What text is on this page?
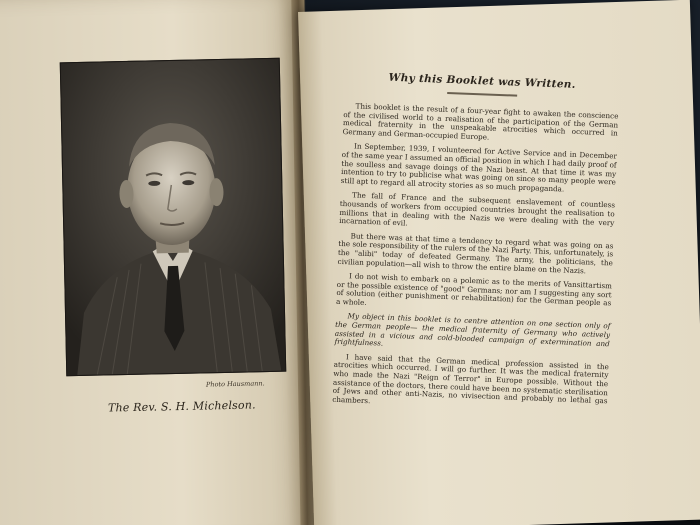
Photo Hausmann.
The Rev. S. H. Michelson.
Why this Booklet was Written.

This booklet is the result of a four-year fight to awaken the conscience of the civilised world to a realisation of the participation of the German medical fraternity in the unspeakable atrocities which occurred in Germany and German-occupied Europe.

In September, 1939, I volunteered for Active Service and in December of the same year I assumed an official position in which I had daily proof of the soulless and savage doings of the Nazi beast. At that time it was my intention to try to publicise what was going on since so many people were still apt to regard all atrocity stories as so much propaganda.

The fall of France and the subsequent enslavement of countless thousands of workers from occupied countries brought the realisation to millions that in dealing with the Nazis we were dealing with the very incarnation of evil.

But there was at that time a tendency to regard what was going on as the sole responsibility of the rulers of the Nazi Party. This, unfortunately, is the "alibi" today of defeated Germany. The army, the politicians, the civilian population—all wish to throw the entire blame on the Nazis.

I do not wish to embark on a polemic as to the merits of Vansittartism or the possible existence of "good" Germans; nor am I suggesting any sort of solution (either punishment or rehabilitation) for the German people as a whole.

My object in this booklet is to centre attention on one section only of the German people— the medical fraternity of Germany who actively assisted in a vicious and cold-blooded campaign of extermination and frightfulness.

I have said that the German medical profession assisted in the atrocities which occurred. I will go further. It was the medical fraternity who made the Nazi "Reign of Terror" in Europe possible. Without the assistance of the doctors, there could have been no systematic sterilisation of Jews and other anti-Nazis, no vivisection and probably no lethal gas chambers.
